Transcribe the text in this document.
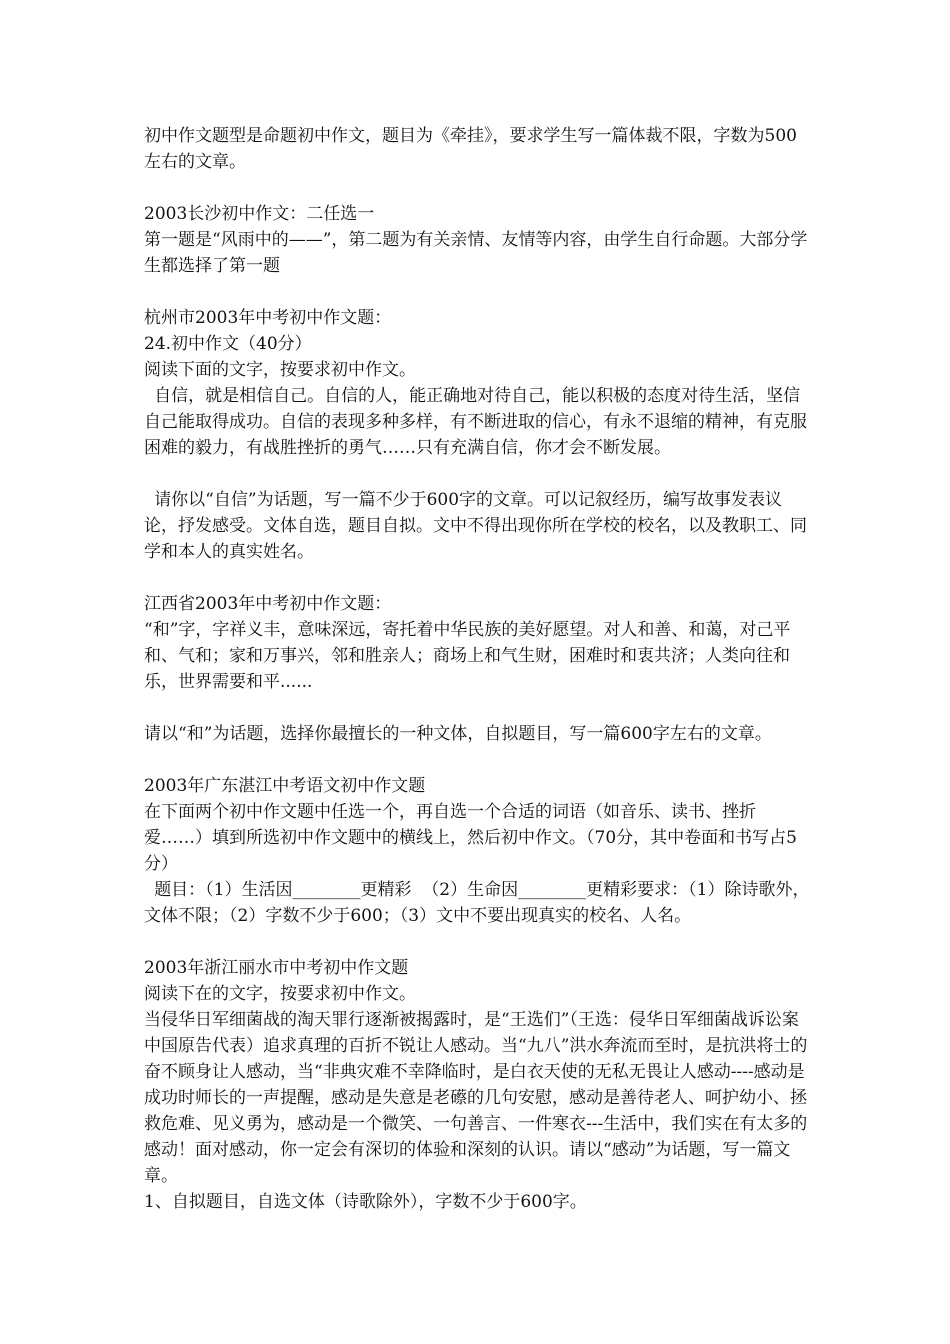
初中作文题型是命题初中作文，题目为《牵挂》，要求学生写一篇体裁不限，字数为500左右的文章。

2003长沙初中作文：二任选一

第一题是“风雨中的——”，第二题为有关亲情、友情等内容，由学生自行命题。大部分学生都选择了第一题

杭州市2003年中考初中作文题：

24.初中作文（40分）

阅读下面的文字，按要求初中作文。

自信，就是相信自己。自信的人，能正确地对待自己，能以积极的态度对待生活，坚信自己能取得成功。自信的表现多种多样，有不断进取的信心，有永不退缩的精神，有克服困难的毅力，有战胜挫折的勇气……只有充满自信，你才会不断发展。

请你以“自信”为话题，写一篇不少于600字的文章。可以记叙经历，编写故事发表议论，抒发感受。文体自选，题目自拟。文中不得出现你所在学校的校名，以及教职工、同学和本人的真实姓名。

江西省2003年中考初中作文题：

“和”字，字祥义丰，意味深远，寄托着中华民族的美好愿望。对人和善、和蔼，对己平和、气和；家和万事兴，邻和胜亲人；商场上和气生财，困难时和衷共济；人类向往和乐，世界需要和平......

请以“和”为话题，选择你最擅长的一种文体，自拟题目，写一篇600字左右的文章。

2003年广东湛江中考语文初中作文题

在下面两个初中作文题中任选一个，再自选一个合适的词语（如音乐、读书、挫折爱……）填到所选初中作文题中的横线上，然后初中作文。（70分，其中卷面和书写占5分）

题目：（1）生活因________更精彩  （2）生命因________更精彩要求：（1）除诗歌外，文体不限；（2）字数不少于600；（3）文中不要出现真实的校名、人名。

2003年浙江丽水市中考初中作文题

阅读下在的文字，按要求初中作文。

当侵华日军细菌战的淘天罪行逐渐被揭露时，是“王选们”（王选：侵华日军细菌战诉讼案中国原告代表）追求真理的百折不锐让人感动。当“九八”洪水奔流而至时，是抗洪将士的奋不顾身让人感动，当“非典灾难不幸降临时，是白衣天使的无私无畏让人感动----感动是成功时师长的一声提醒，感动是失意是老礤的几句安慰，感动是善待老人、呵护幼小、拯救危难、见义勇为，感动是一个微笑、一句善言、一件寒衣---生活中，我们实在有太多的感动！面对感动，你一定会有深切的体验和深刻的认识。请以“感动”为话题，写一篇文章。

1、自拟题目，自选文体（诗歌除外），字数不少于600字。
